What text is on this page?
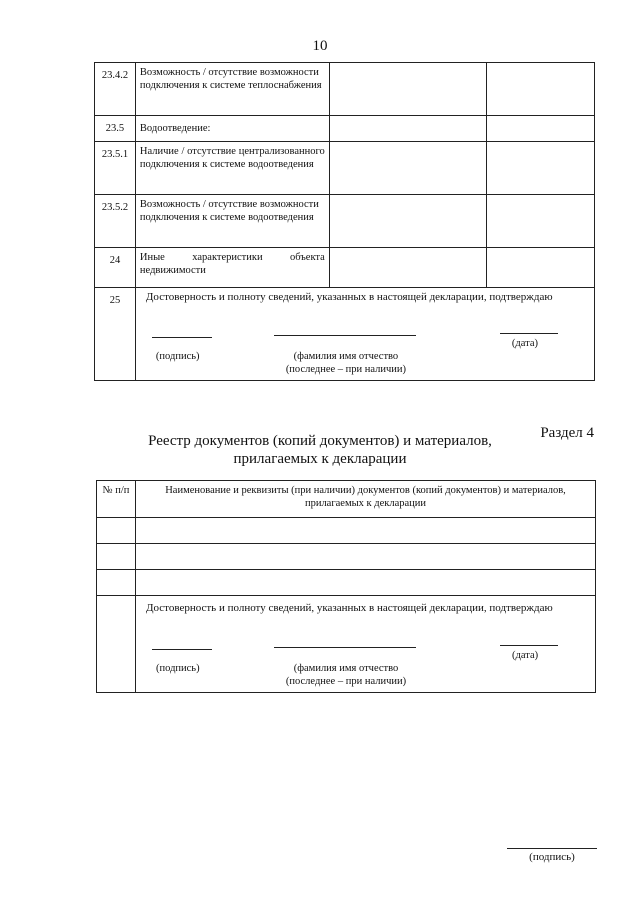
10
23.4.2	Возможность / отсутствие возможности подключения к системе теплоснабжения		
23.5	Водоотведение:		
23.5.1	Наличие / отсутствие централизованного подключения к системе водоотведения		
23.5.2	Возможность / отсутствие возможности подключения к системе водоотведения		
24	Иные характеристики объекта недвижимости		
25	Достоверность и полноту сведений, указанных в настоящей декларации, подтверждаю
(подпись) (фамилия имя отчество
(последнее – при наличии)
(дата)		
Раздел 4
Реестр документов (копий документов) и материалов,
прилагаемых к декларации
№ п/п	Наименование и реквизиты (при наличии) документов (копий документов) и материалов, прилагаемых к декларации

	Достоверность и полноту сведений, указанных в настоящей декларации, подтверждаю
(подпись) (фамилия имя отчество
(последнее – при наличии)
(дата)
(подпись)
